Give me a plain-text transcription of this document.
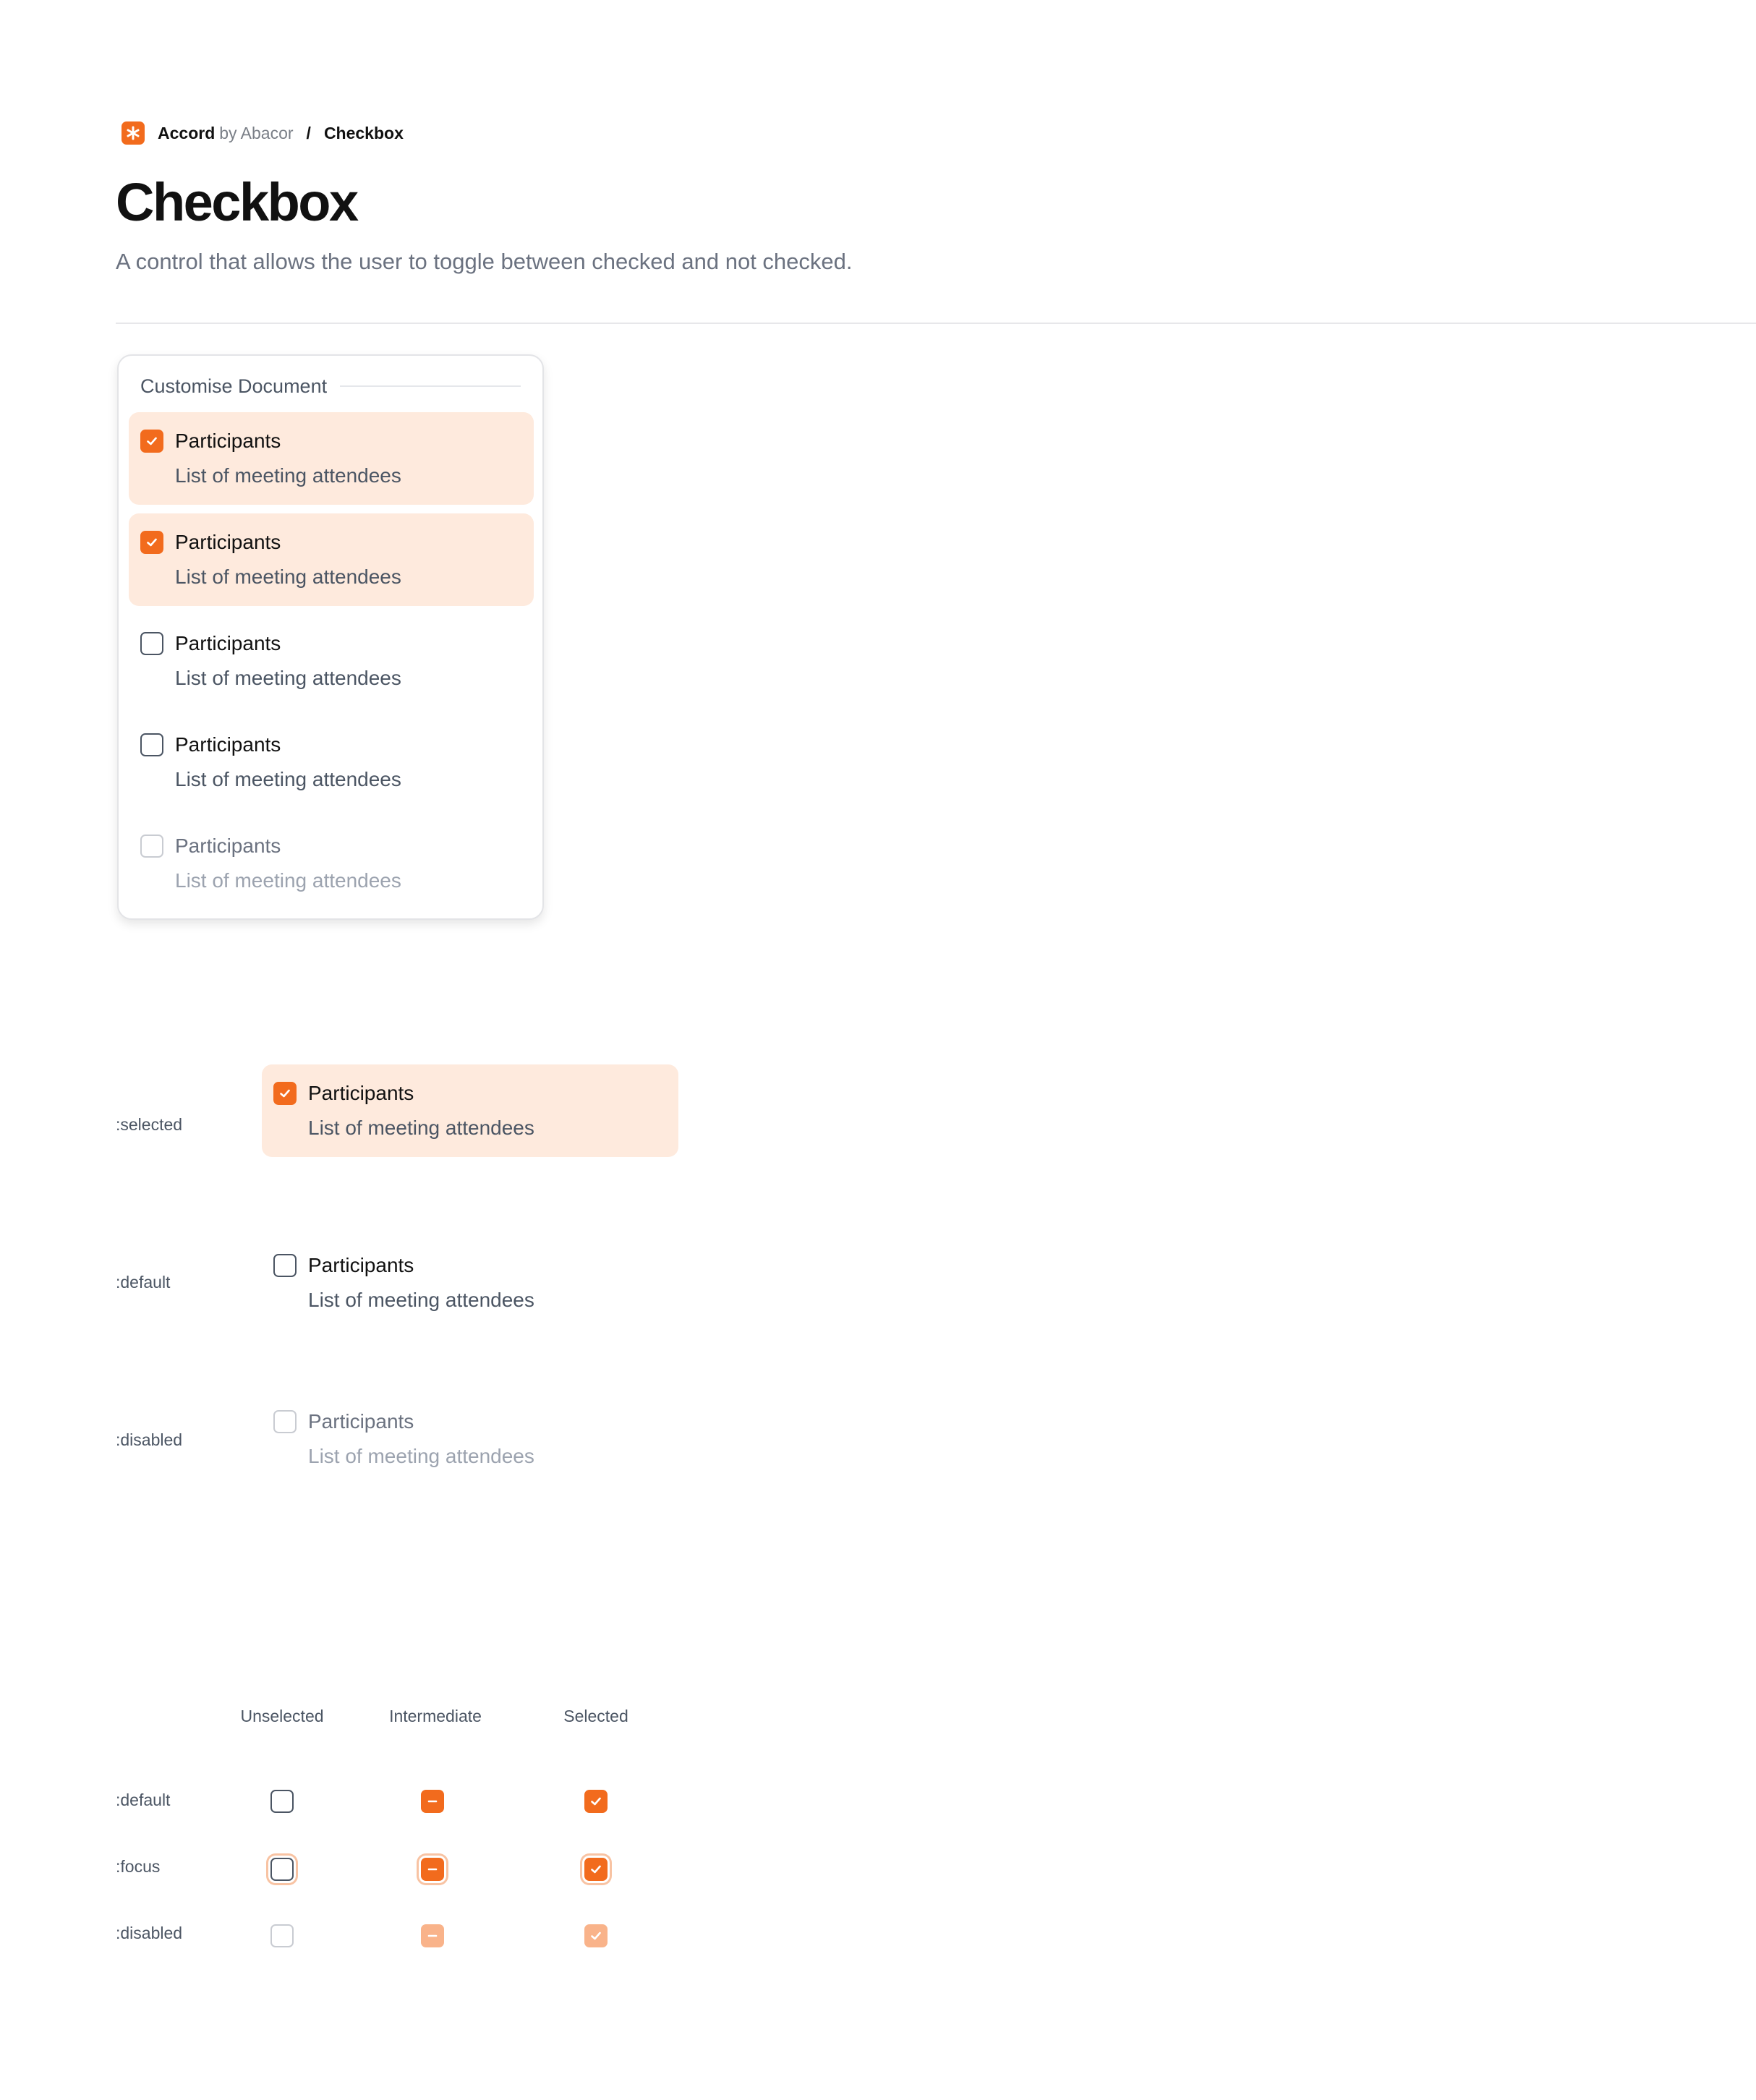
Accord by Abacor / Checkbox
Checkbox

A control that allows the user to toggle between checked and not checked.

Customise Document
Participants
List of meeting attendees
Participants
List of meeting attendees
Participants
List of meeting attendees
Participants
List of meeting attendees
Participants
List of meeting attendees
:selected
Participants
List of meeting attendees
:default
Participants
List of meeting attendees
:disabled
Participants
List of meeting attendees
Unselected	Intermediate	Selected
:default
:focus
:disabled
